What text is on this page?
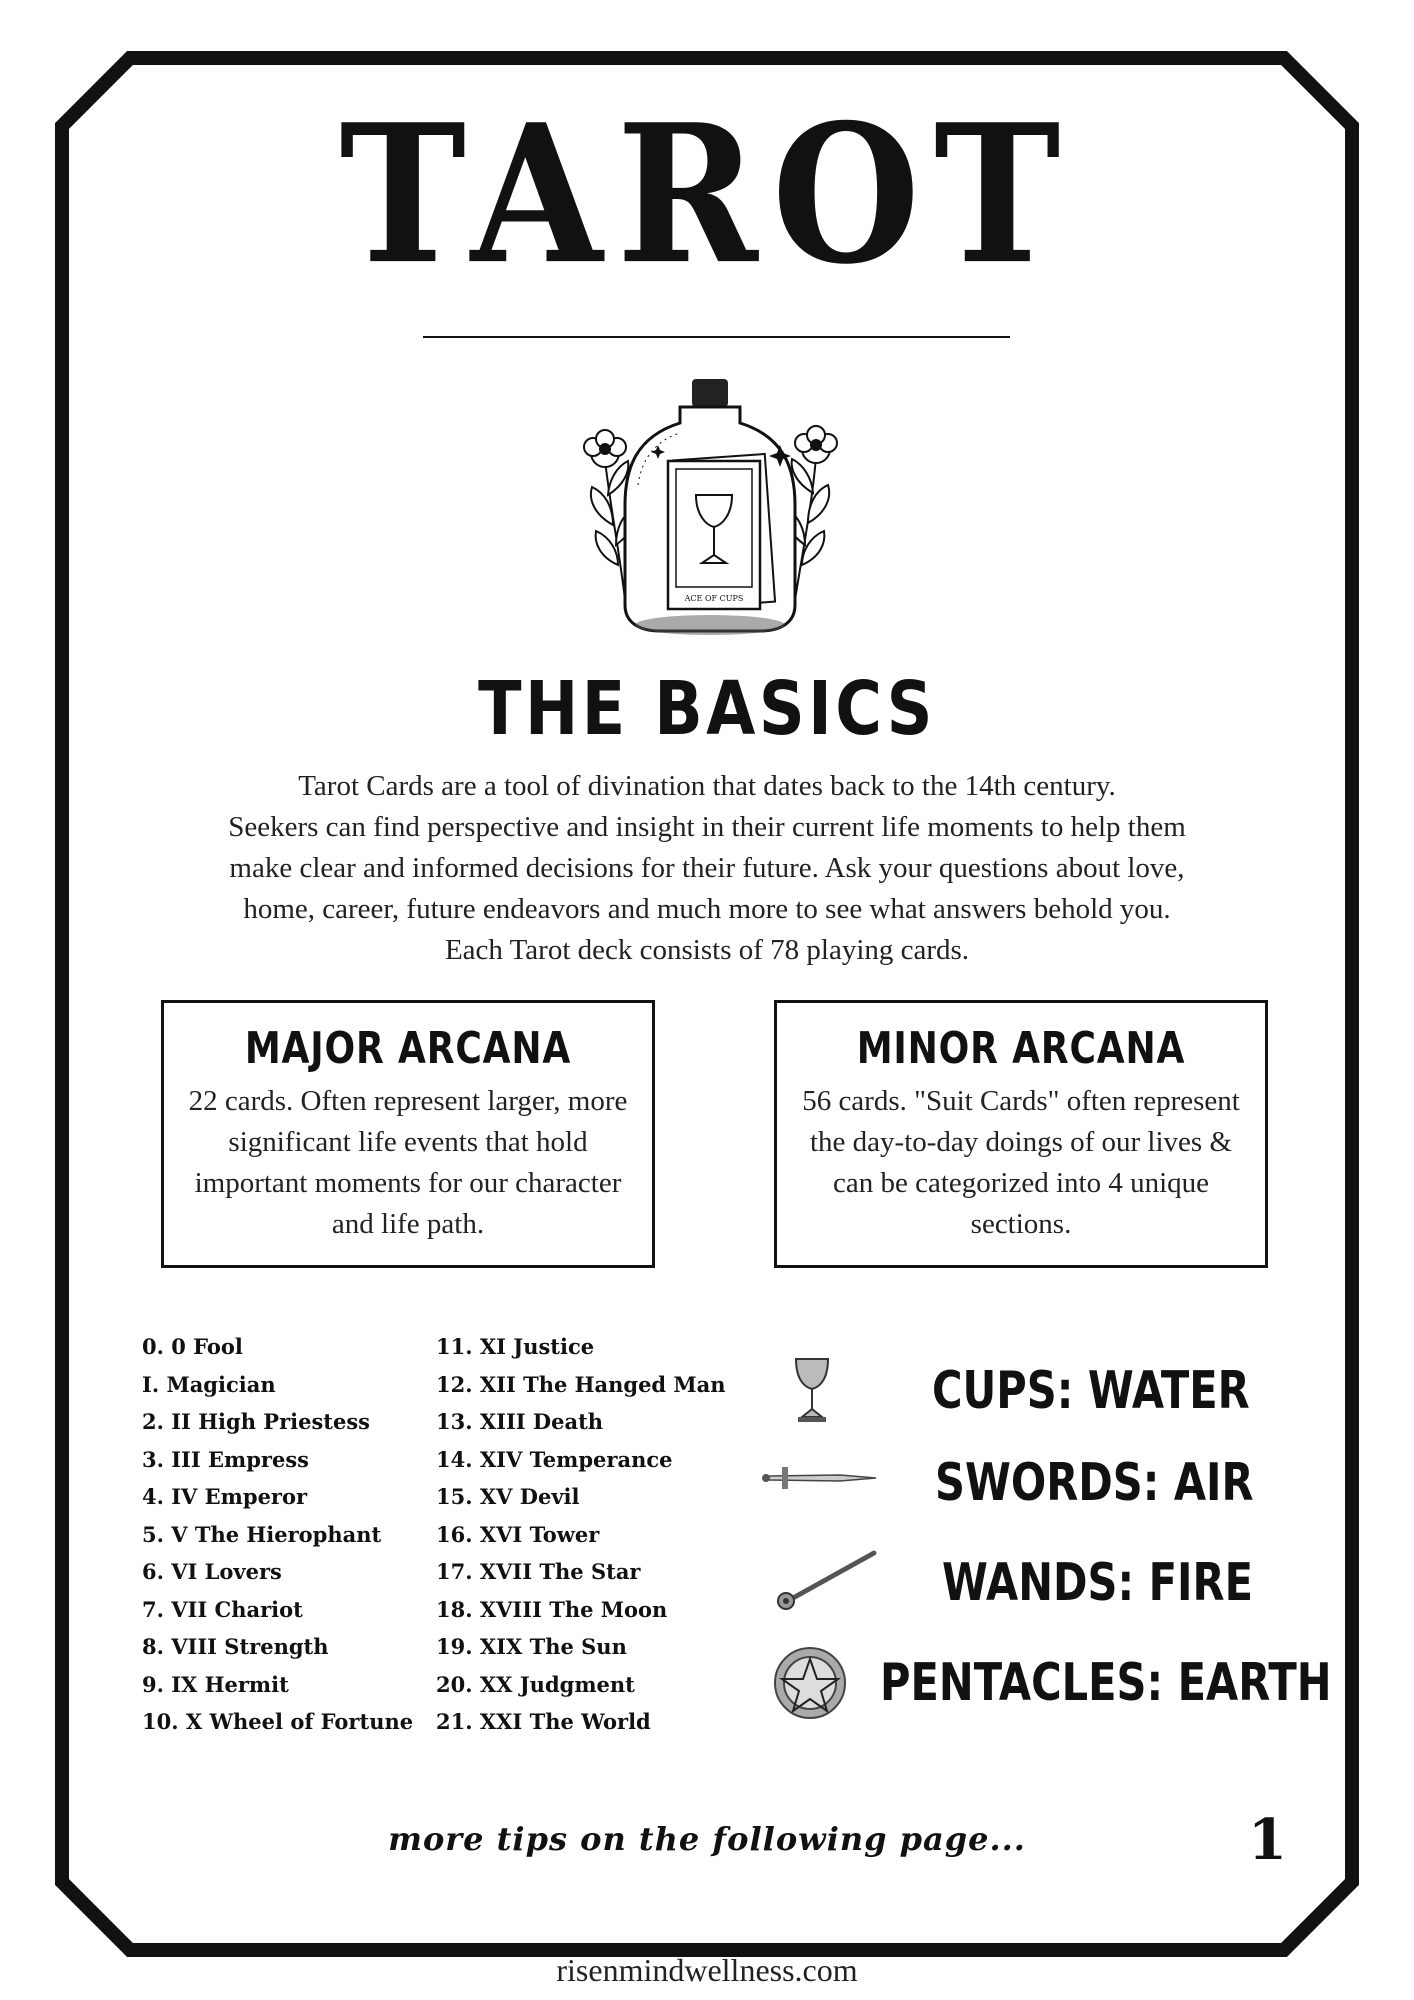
TAROT
ACE OF CUPS
THE BASICS

Tarot Cards are a tool of divination that dates back to the 14th century.

Seekers can find perspective and insight in their current life moments to help them

make clear and informed decisions for their future. Ask your questions about love,

home, career, future endeavors and much more to see what answers behold you.

Each Tarot deck consists of 78 playing cards.

MAJOR ARCANA
22 cards. Often represent larger, more significant life events that hold important moments for our character and life path.
MINOR ARCANA
56 cards. "Suit Cards" often represent the day-to-day doings of our lives & can be categorized into 4 unique sections.
0. 0 Fool
I. Magician
2. II High Priestess
3. III Empress
4. IV Emperor
5. V The Hierophant
6. VI Lovers
7. VII Chariot
8. VIII Strength
9. IX Hermit
10. X Wheel of Fortune
11. XI Justice
12. XII The Hanged Man
13. XIII Death
14. XIV Temperance
15. XV Devil
16. XVI Tower
17. XVII The Star
18. XVIII The Moon
19. XIX The Sun
20. XX Judgment
21. XXI The World
CUPS: WATER
SWORDS: AIR
WANDS: FIRE
PENTACLES: EARTH
more tips on the following page...	1
risenmindwellness.com
